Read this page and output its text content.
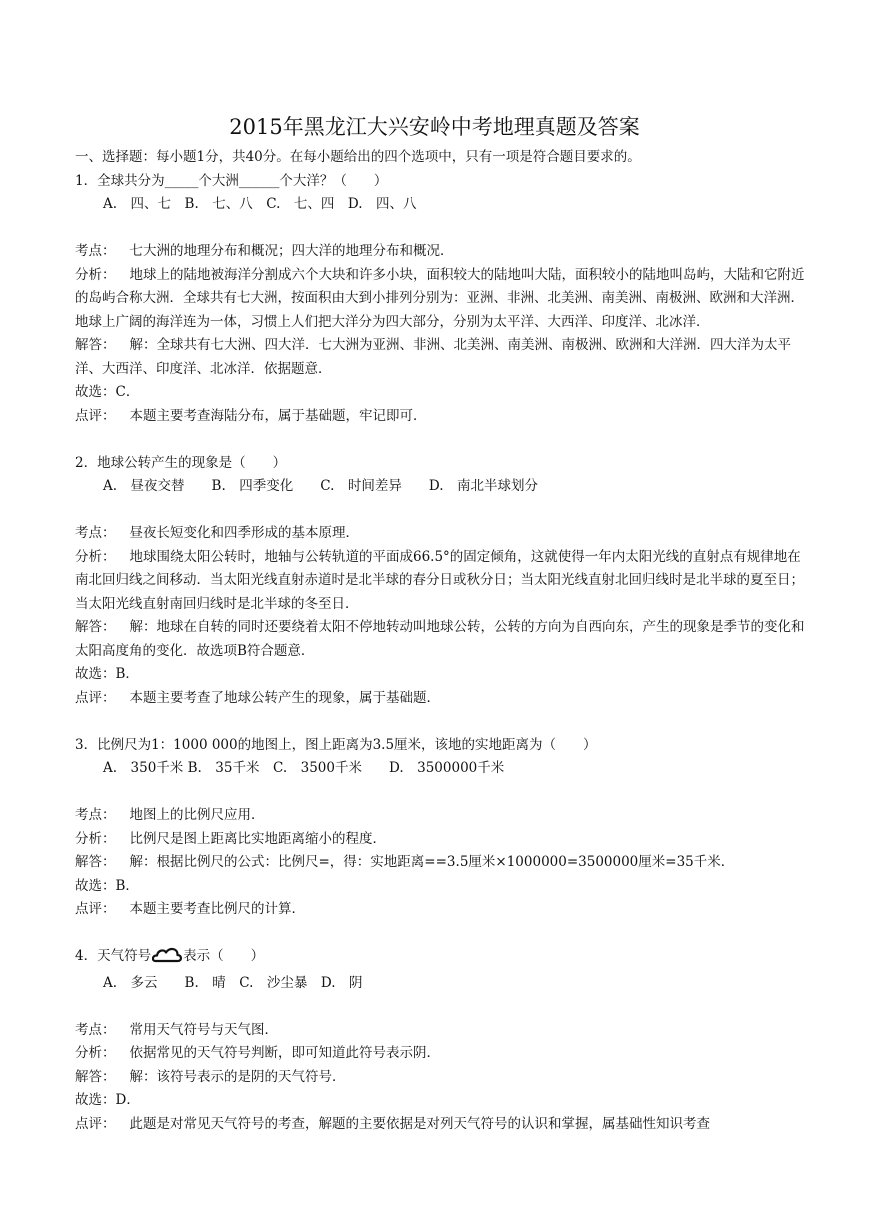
2015年黑龙江大兴安岭中考地理真题及答案

一、选择题：每小题1分，共40分。在每小题给出的四个选项中，只有一项是符合题目要求的。

1．全球共分为_____个大洲______个大洋？（　　）

A.　四、七　B.　七、八　C.　七、四　D.　四、八

考点： 七大洲的地理分布和概况；四大洋的地理分布和概况．

分析： 地球上的陆地被海洋分割成六个大块和许多小块，面积较大的陆地叫大陆，面积较小的陆地叫岛屿，大陆和它附近的岛屿合称大洲．全球共有七大洲，按面积由大到小排列分别为：亚洲、非洲、北美洲、南美洲、南极洲、欧洲和大洋洲．地球上广阔的海洋连为一体，习惯上人们把大洋分为四大部分，分别为太平洋、大西洋、印度洋、北冰洋．

解答： 解：全球共有七大洲、四大洋．七大洲为亚洲、非洲、北美洲、南美洲、南极洲、欧洲和大洋洲．四大洋为太平洋、大西洋、印度洋、北冰洋．依据题意．

故选：C．

点评： 本题主要考查海陆分布，属于基础题，牢记即可．

2．地球公转产生的现象是（　　）

A.　昼夜交替　　B.　四季变化　　C.　时间差异　　D.　南北半球划分

考点： 昼夜长短变化和四季形成的基本原理．

分析： 地球围绕太阳公转时，地轴与公转轨道的平面成66.5°的固定倾角，这就使得一年内太阳光线的直射点有规律地在南北回归线之间移动．当太阳光线直射赤道时是北半球的春分日或秋分日；当太阳光线直射北回归线时是北半球的夏至日；当太阳光线直射南回归线时是北半球的冬至日．

解答： 解：地球在自转的同时还要绕着太阳不停地转动叫地球公转，公转的方向为自西向东，产生的现象是季节的变化和太阳高度角的变化．故选项B符合题意．

故选：B．

点评： 本题主要考查了地球公转产生的现象，属于基础题．

3．比例尺为1：1000 000的地图上，图上距离为3.5厘米，该地的实地距离为（　　）

A.　350千米 B.　35千米　C.　3500千米　　D.　3500000千米

考点： 地图上的比例尺应用．

分析： 比例尺是图上距离比实地距离缩小的程度．

解答： 解：根据比例尺的公式：比例尺=，得：实地距离==3.5厘米×1000000=3500000厘米=35千米．

故选：B．

点评： 本题主要考查比例尺的计算．

4．天气符号 表示（　　）

A.　多云　　B.　晴　C.　沙尘暴　D.　阴

考点： 常用天气符号与天气图．

分析： 依据常见的天气符号判断，即可知道此符号表示阴．

解答： 解：该符号表示的是阴的天气符号．

故选：D．

点评： 此题是对常见天气符号的考查，解题的主要依据是对列天气符号的认识和掌握，属基础性知识考查
